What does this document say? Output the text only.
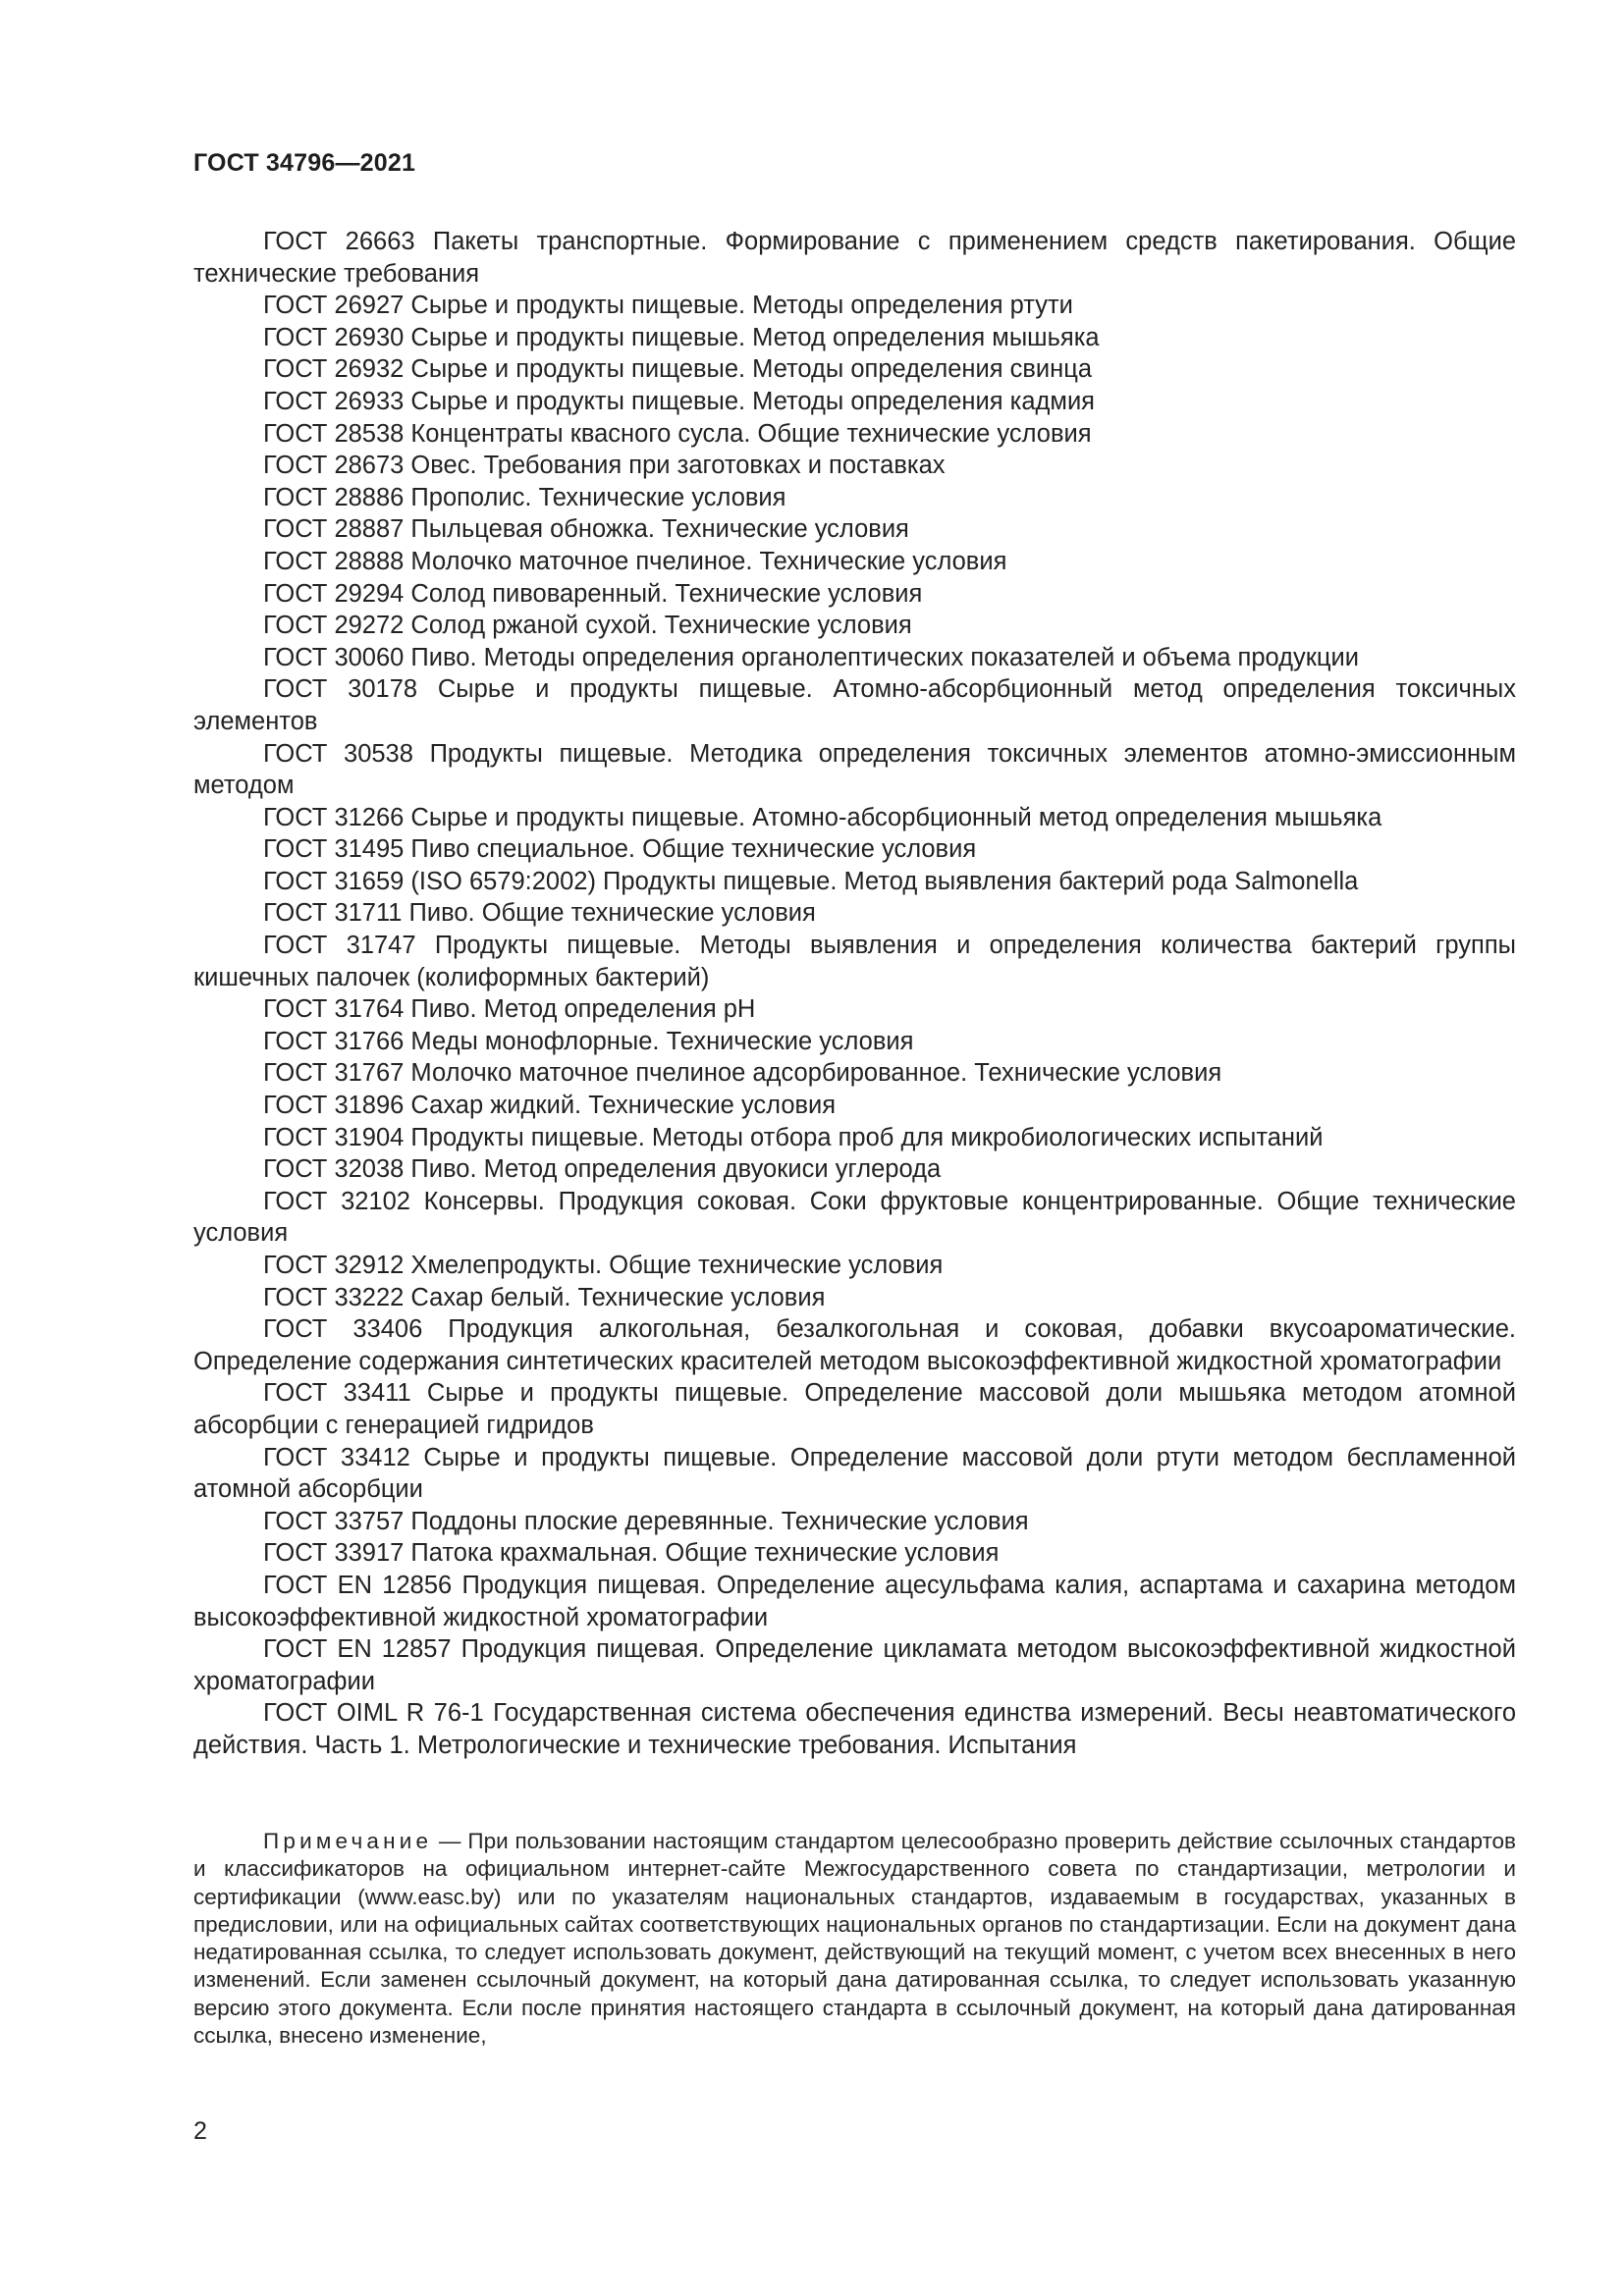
ГОСТ 34796—2021

ГОСТ 26663 Пакеты транспортные. Формирование с применением средств пакетирования. Общие технические требования

ГОСТ 26927 Сырье и продукты пищевые. Методы определения ртути

ГОСТ 26930 Сырье и продукты пищевые. Метод определения мышьяка

ГОСТ 26932 Сырье и продукты пищевые. Методы определения свинца

ГОСТ 26933 Сырье и продукты пищевые. Методы определения кадмия

ГОСТ 28538 Концентраты квасного сусла. Общие технические условия

ГОСТ 28673 Овес. Требования при заготовках и поставках

ГОСТ 28886 Прополис. Технические условия

ГОСТ 28887 Пыльцевая обножка. Технические условия

ГОСТ 28888 Молочко маточное пчелиное. Технические условия

ГОСТ 29294 Солод пивоваренный. Технические условия

ГОСТ 29272 Солод ржаной сухой. Технические условия

ГОСТ 30060 Пиво. Методы определения органолептических показателей и объема продукции

ГОСТ 30178 Сырье и продукты пищевые. Атомно-абсорбционный метод определения токсичных элементов

ГОСТ 30538 Продукты пищевые. Методика определения токсичных элементов атомно-эмиссионным методом

ГОСТ 31266 Сырье и продукты пищевые. Атомно-абсорбционный метод определения мышьяка

ГОСТ 31495 Пиво специальное. Общие технические условия

ГОСТ 31659 (ISO 6579:2002) Продукты пищевые. Метод выявления бактерий рода Salmonella

ГОСТ 31711 Пиво. Общие технические условия

ГОСТ 31747 Продукты пищевые. Методы выявления и определения количества бактерий группы кишечных палочек (колиформных бактерий)

ГОСТ 31764 Пиво. Метод определения pH

ГОСТ 31766 Меды монофлорные. Технические условия

ГОСТ 31767 Молочко маточное пчелиное адсорбированное. Технические условия

ГОСТ 31896 Сахар жидкий. Технические условия

ГОСТ 31904 Продукты пищевые. Методы отбора проб для микробиологических испытаний

ГОСТ 32038 Пиво. Метод определения двуокиси углерода

ГОСТ 32102 Консервы. Продукция соковая. Соки фруктовые концентрированные. Общие технические условия

ГОСТ 32912 Хмелепродукты. Общие технические условия

ГОСТ 33222 Сахар белый. Технические условия

ГОСТ 33406 Продукция алкогольная, безалкогольная и соковая, добавки вкусоароматические. Определение содержания синтетических красителей методом высокоэффективной жидкостной хроматографии

ГОСТ 33411 Сырье и продукты пищевые. Определение массовой доли мышьяка методом атомной абсорбции с генерацией гидридов

ГОСТ 33412 Сырье и продукты пищевые. Определение массовой доли ртути методом беспламенной атомной абсорбции

ГОСТ 33757 Поддоны плоские деревянные. Технические условия

ГОСТ 33917 Патока крахмальная. Общие технические условия

ГОСТ EN 12856 Продукция пищевая. Определение ацесульфама калия, аспартама и сахарина методом высокоэффективной жидкостной хроматографии

ГОСТ EN 12857 Продукция пищевая. Определение цикламата методом высокоэффективной жидкостной хроматографии

ГОСТ OIML R 76-1 Государственная система обеспечения единства измерений. Весы неавтоматического действия. Часть 1. Метрологические и технические требования. Испытания

Примечание — При пользовании настоящим стандартом целесообразно проверить действие ссылочных стандартов и классификаторов на официальном интернет-сайте Межгосударственного совета по стандартизации, метрологии и сертификации (www.easc.by) или по указателям национальных стандартов, издаваемым в государствах, указанных в предисловии, или на официальных сайтах соответствующих национальных органов по стандартизации. Если на документ дана недатированная ссылка, то следует использовать документ, действующий на текущий момент, с учетом всех внесенных в него изменений. Если заменен ссылочный документ, на который дана датированная ссылка, то следует использовать указанную версию этого документа. Если после принятия настоящего стандарта в ссылочный документ, на который дана датированная ссылка, внесено изменение,
2
